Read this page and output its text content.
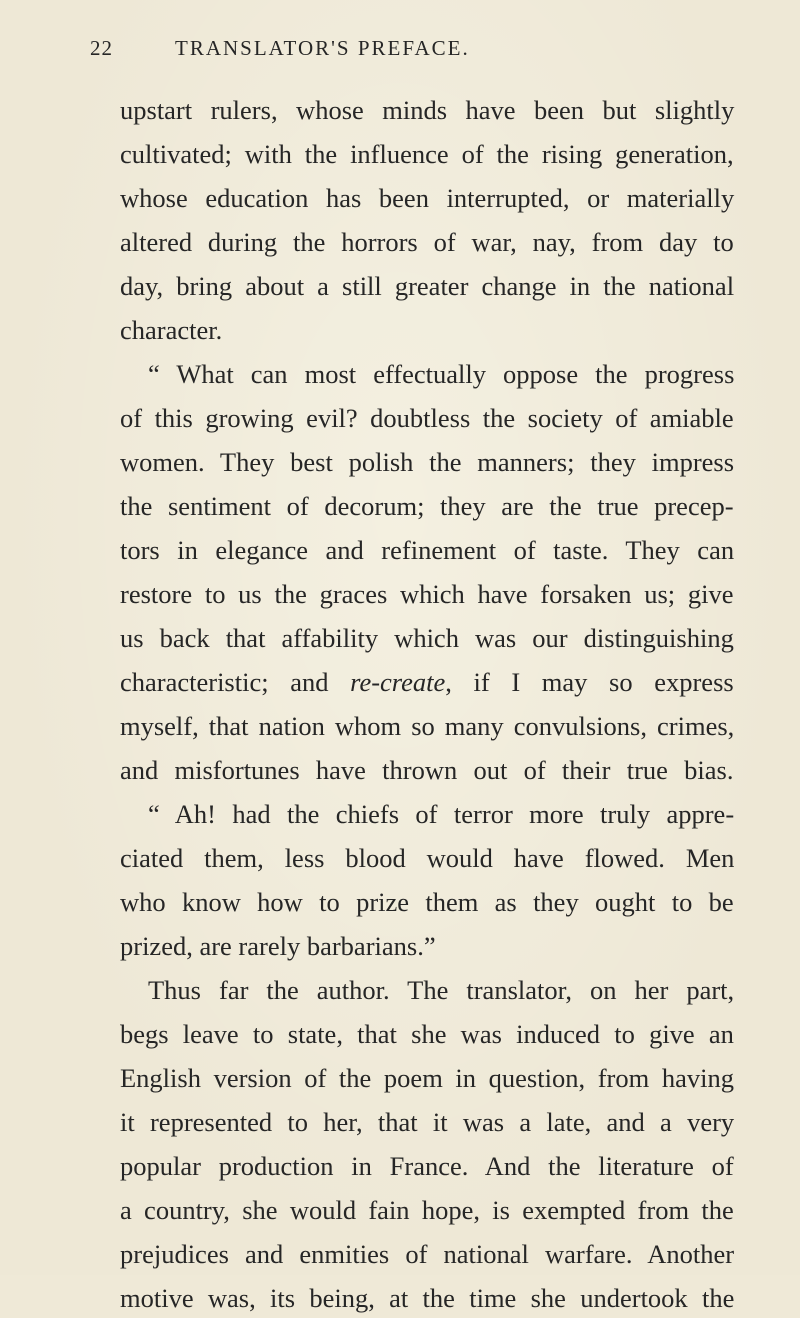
22	TRANSLATOR'S PREFACE.
upstart rulers, whose minds have been but slightly
cultivated; with the influence of the rising generation,
whose education has been interrupted, or materially
altered during the horrors of war, nay, from day to
day, bring about a still greater change in the national
character.
“ What can most effectually oppose the progress
of this growing evil? doubtless the society of amiable
women. They best polish the manners; they impress
the sentiment of decorum; they are the true precep-
tors in elegance and refinement of taste. They can
restore to us the graces which have forsaken us; give
us back that affability which was our distinguishing
characteristic; and re-create, if I may so express
myself, that nation whom so many convulsions, crimes,
and misfortunes have thrown out of their true bias.
“ Ah! had the chiefs of terror more truly appre-
ciated them, less blood would have flowed. Men
who know how to prize them as they ought to be
prized, are rarely barbarians.”
Thus far the author. The translator, on her part,
begs leave to state, that she was induced to give an
English version of the poem in question, from having
it represented to her, that it was a late, and a very
popular production in France. And the literature of
a country, she would fain hope, is exempted from the
prejudices and enmities of national warfare. Another
motive was, its being, at the time she undertook the
